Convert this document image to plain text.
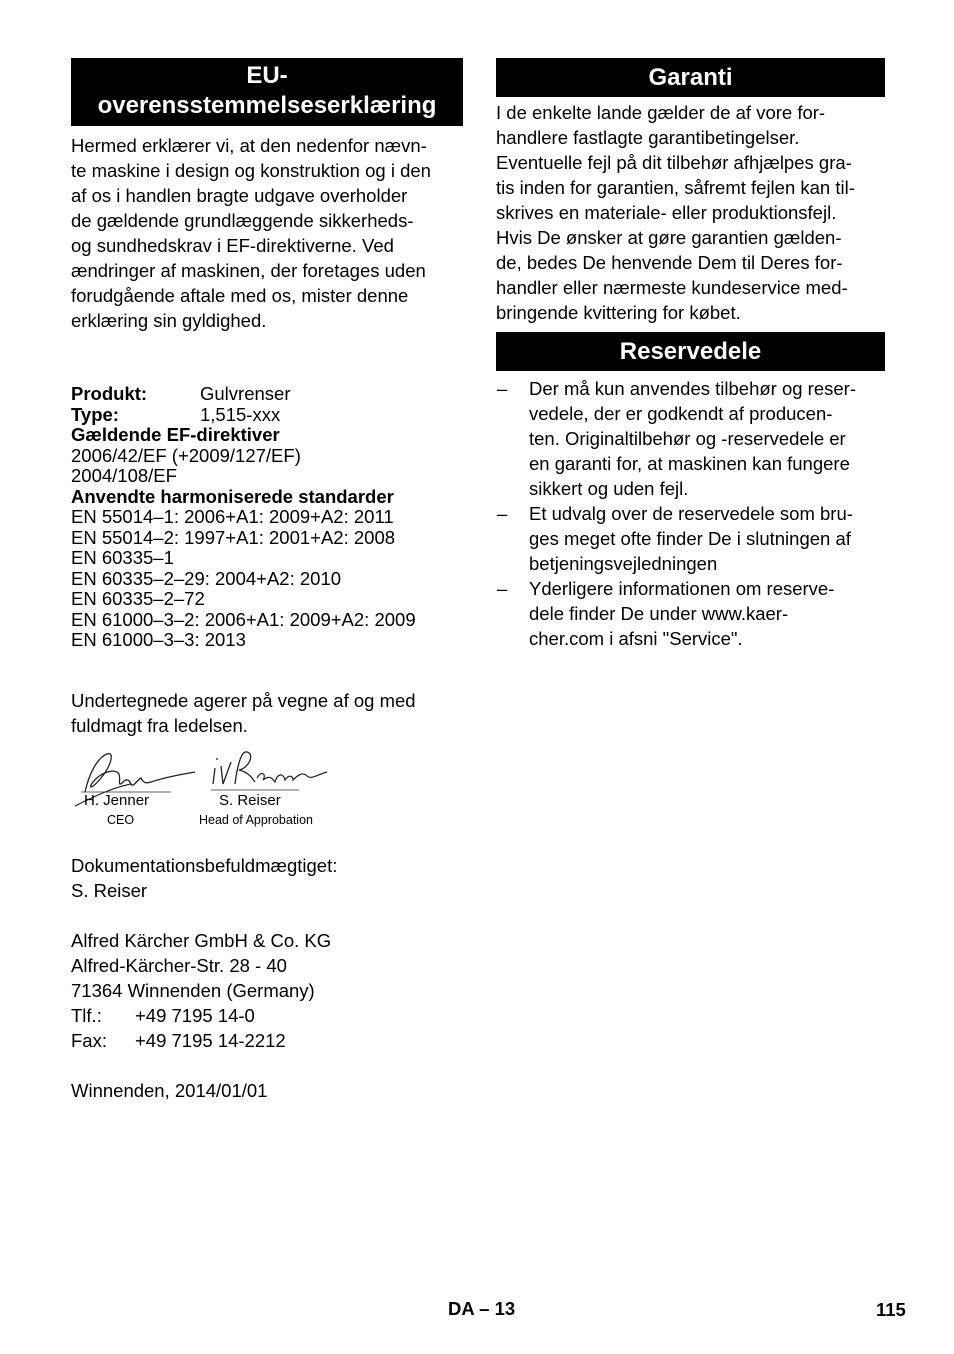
EU-
overensstemmelseserklæring

Hermed erklærer vi, at den nedenfor nævn-
te maskine i design og konstruktion og i den
af os i handlen bragte udgave overholder
de gældende grundlæggende sikkerheds-
og sundhedskrav i EF-direktiverne. Ved
ændringer af maskinen, der foretages uden
forudgående aftale med os, mister denne
erklæring sin gyldighed.

Produkt:	Gulvrenser
Type:	1,515-xxx
Gældende EF-direktiver
2006/42/EF (+2009/127/EF)
2004/108/EF
Anvendte harmoniserede standarder
EN 55014–1: 2006+A1: 2009+A2: 2011
EN 55014–2: 1997+A1: 2001+A2: 2008
EN 60335–1
EN 60335–2–29: 2004+A2: 2010
EN 60335–2–72
EN 61000–3–2: 2006+A1: 2009+A2: 2009
EN 61000–3–3: 2013

Undertegnede agerer på vegne af og med
fuldmagt fra ledelsen.

H. Jenner
CEO
S. Reiser
Head of Approbation

Dokumentationsbefuldmægtiget:

S. Reiser

Alfred Kärcher GmbH & Co. KG

Alfred-Kärcher-Str. 28 - 40

71364 Winnenden (Germany)

Tlf.:	+49 7195 14-0
Fax:	+49 7195 14-2212

Winnenden, 2014/01/01

Garanti

I de enkelte lande gælder de af vore for-
handlere fastlagte garantibetingelser.
Eventuelle fejl på dit tilbehør afhjælpes gra-
tis inden for garantien, såfremt fejlen kan til-
skrives en materiale- eller produktionsfejl.
Hvis De ønsker at gøre garantien gælden-
de, bedes De henvende Dem til Deres for-
handler eller nærmeste kundeservice med-
bringende kvittering for købet.

Reservedele
– Der må kun anvendes tilbehør og reser-
vedele, der er godkendt af producen-
ten. Originaltilbehør og -reservedele er
en garanti for, at maskinen kan fungere
sikkert og uden fejl.
– Et udvalg over de reservedele som bru-
ges meget ofte finder De i slutningen af
betjeningsvejledningen
– Yderligere informationen om reserve-
dele finder De under www.kaer-
cher.com i afsni "Service".
DA – 13	115
